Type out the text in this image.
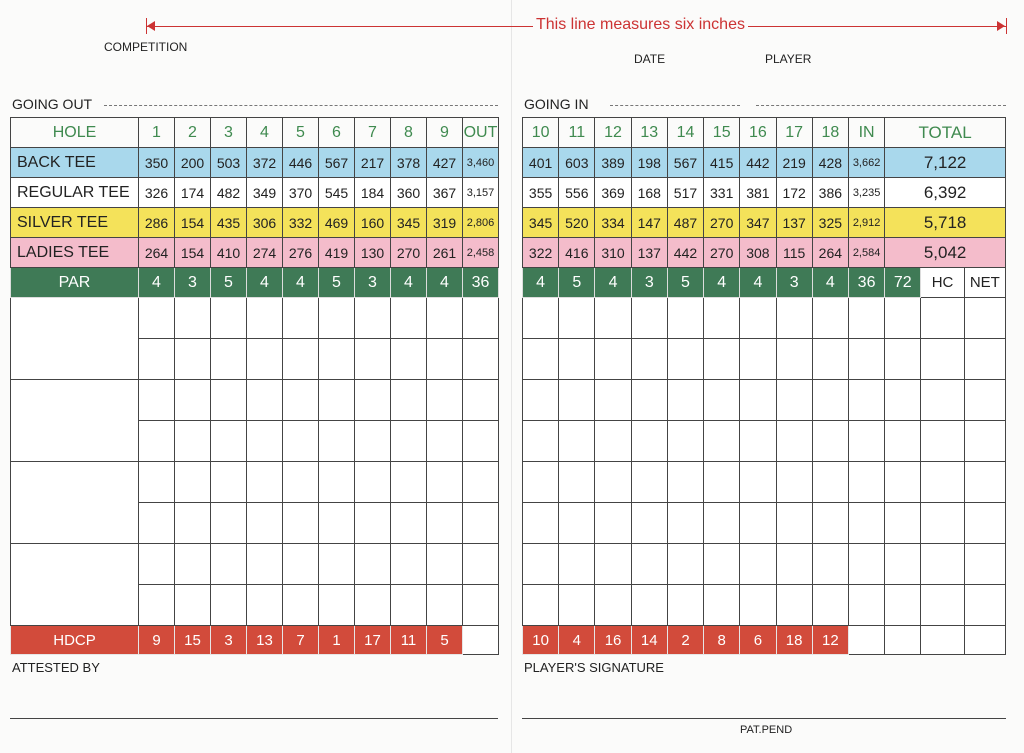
This line measures six inches
COMPETITION
DATE	PLAYER
GOING OUT	GOING IN
HOLE	1	2	3	4	5	6	7	8	9	OUT
BACK TEE	350	200	503	372	446	567	217	378	427	3,460
REGULAR TEE	326	174	482	349	370	545	184	360	367	3,157
SILVER TEE	286	154	435	306	332	469	160	345	319	2,806
LADIES TEE	264	154	410	274	276	419	130	270	261	2,458
PAR	4	3	5	4	4	5	3	4	4	36

HDCP	9	15	3	13	7	1	17	11	5	
10	11	12	13	14	15	16	17	18	IN	TOTAL		
401	603	389	198	567	415	442	219	428	3,662	7,122		
355	556	369	168	517	331	381	172	386	3,235	6,392		
345	520	334	147	487	270	347	137	325	2,912	5,718		
322	416	310	137	442	270	308	115	264	2,584	5,042		
4	5	4	3	5	4	4	3	4	36	72	HC	NET

10	4	16	14	2	8	6	18	12				
ATTESTED BY	PLAYER'S SIGNATURE
PAT.PEND
